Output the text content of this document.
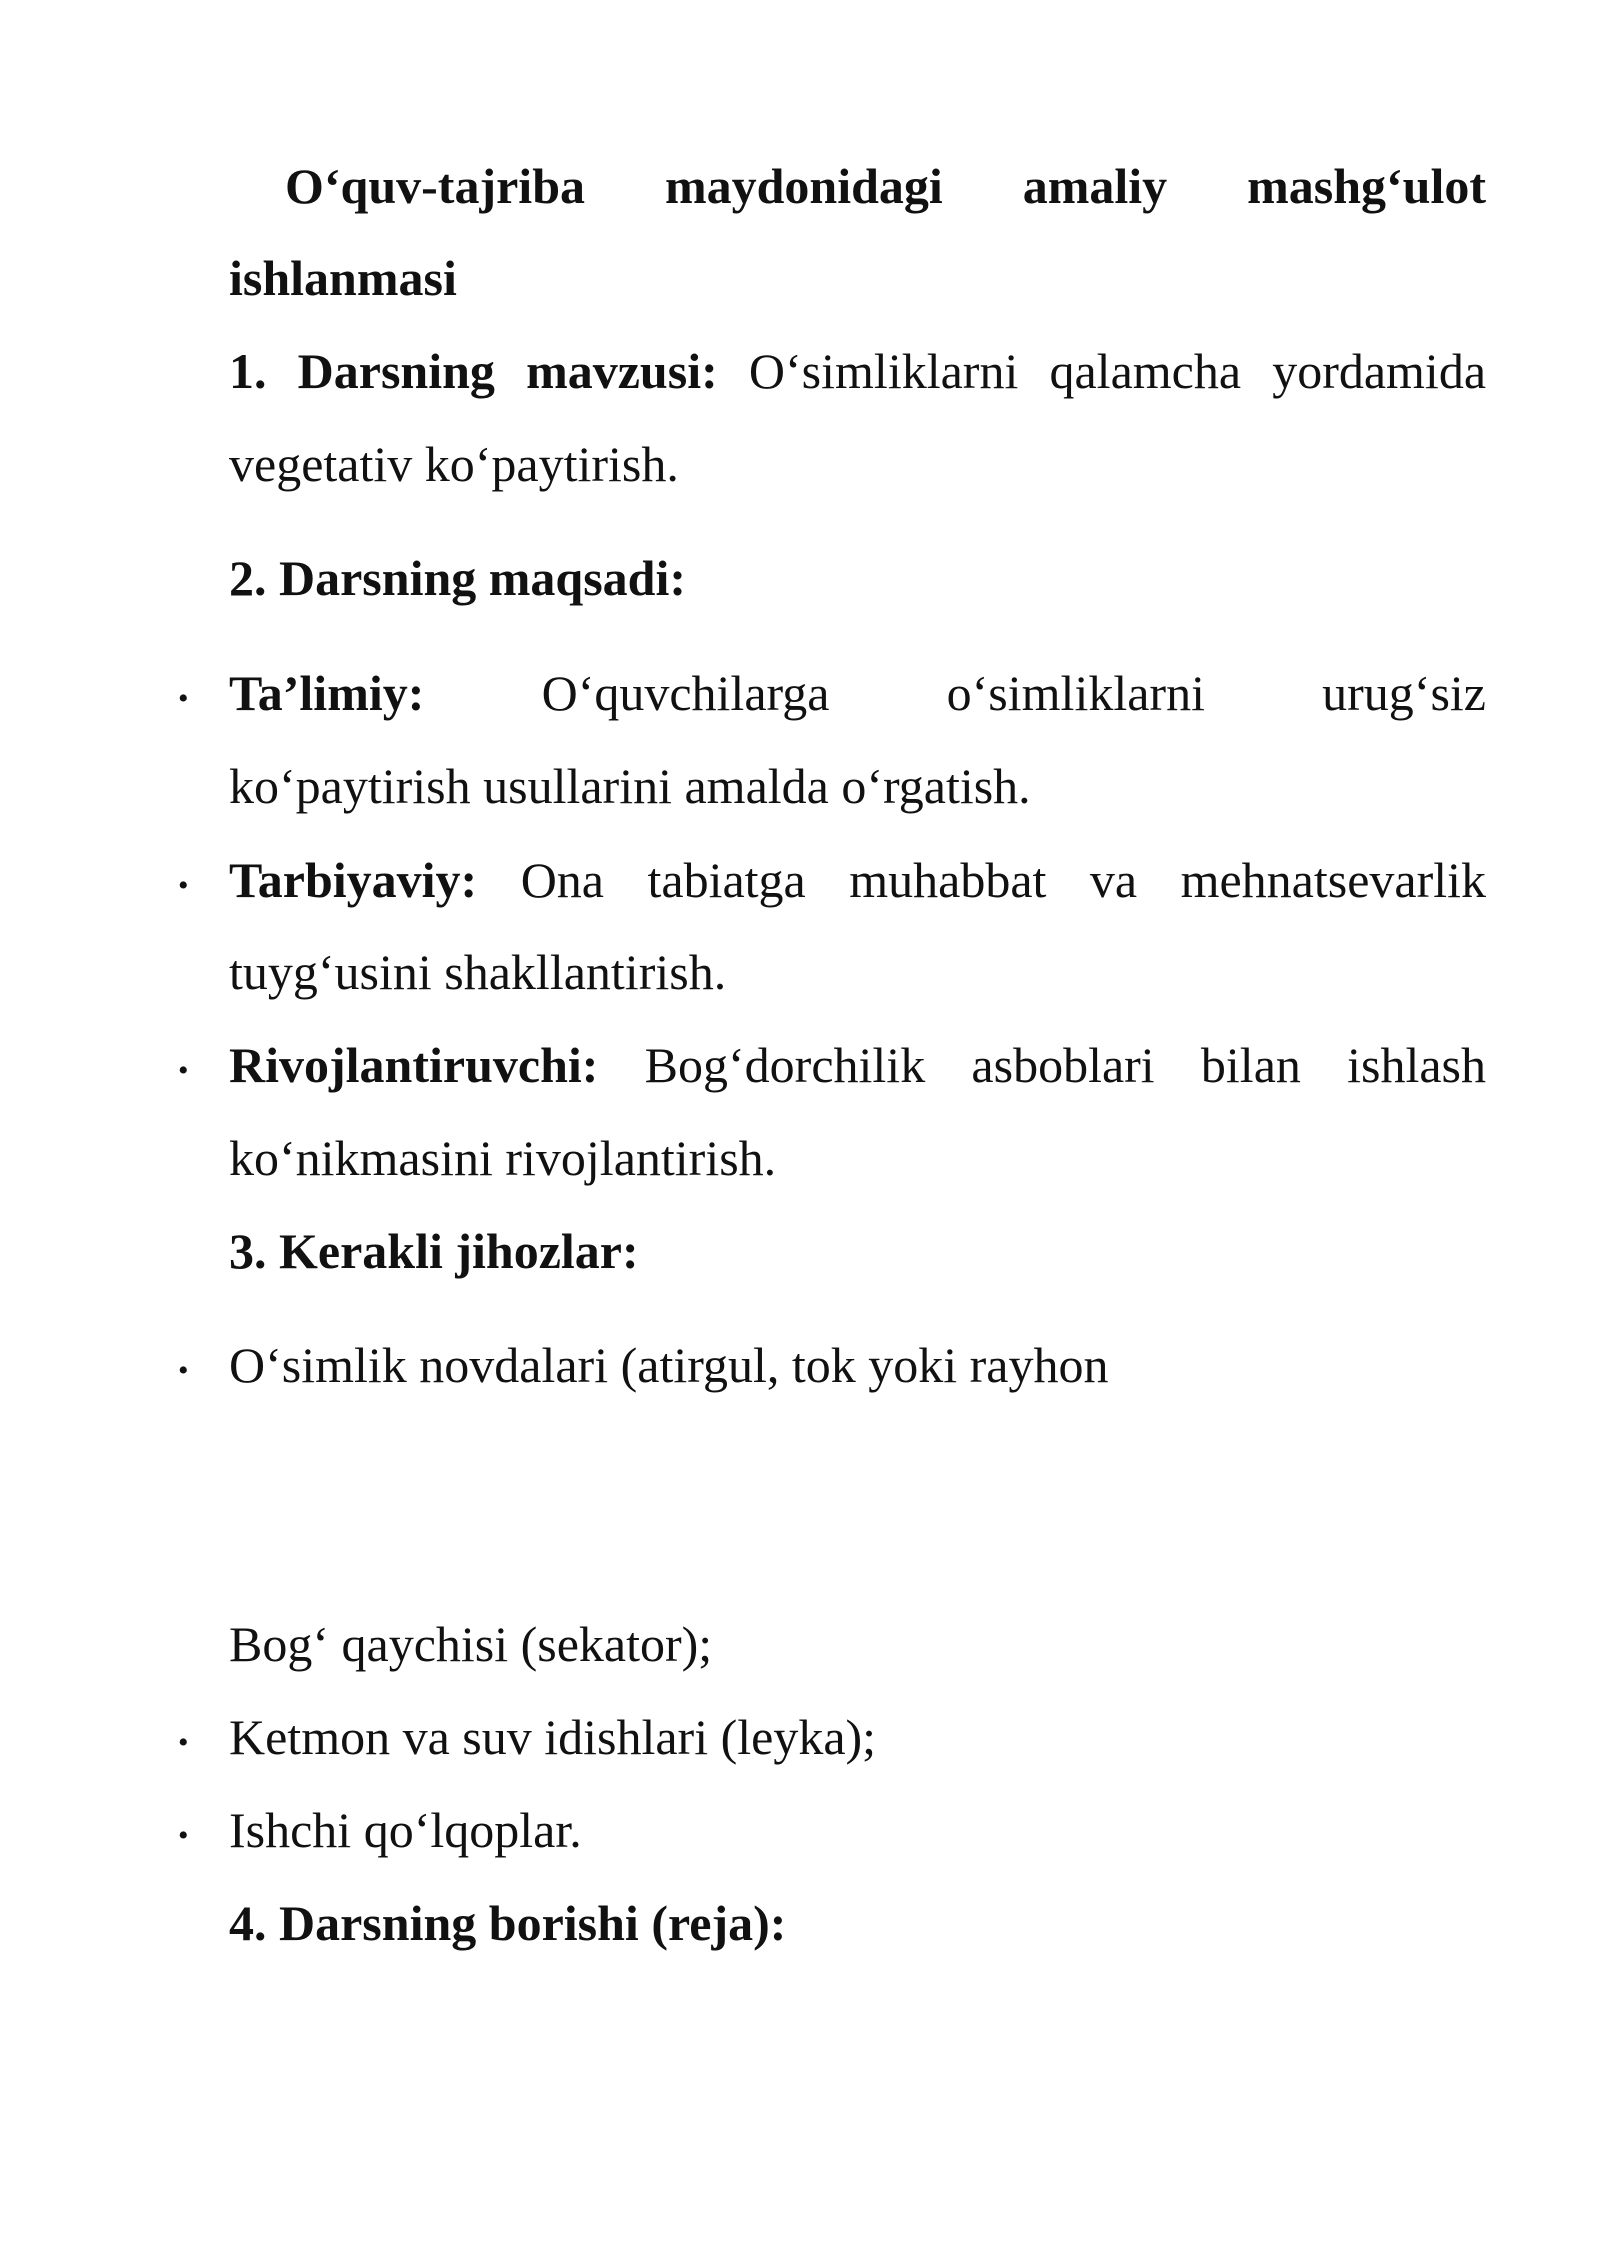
O‘quv-tajriba maydonidagi amaliy mashg‘ulot
ishlanmasi
1. Darsning mavzusi: O‘simliklarni qalamcha yordamida
vegetativ ko‘paytirish.
2. Darsning maqsadi:
• Ta’limiy: O‘quvchilarga o‘simliklarni urug‘siz
ko‘paytirish usullarini amalda o‘rgatish.
• Tarbiyaviy: Ona tabiatga muhabbat va mehnatsevarlik
tuyg‘usini shakllantirish.
• Rivojlantiruvchi: Bog‘dorchilik asboblari bilan ishlash
ko‘nikmasini rivojlantirish.
3. Kerakli jihozlar:
• O‘simlik novdalari (atirgul, tok yoki rayhon
Bog‘ qaychisi (sekator);
• Ketmon va suv idishlari (leyka);
• Ishchi qo‘lqoplar.
4. Darsning borishi (reja):
